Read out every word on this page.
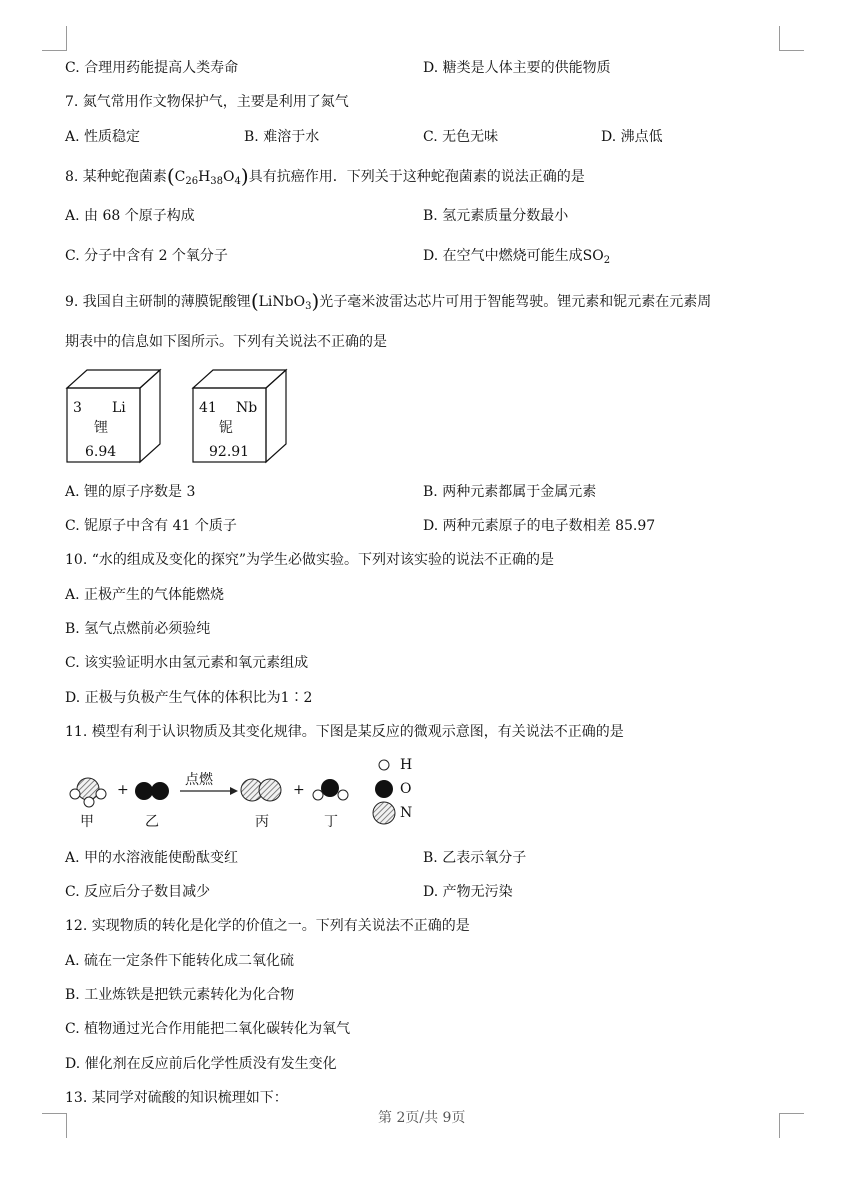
C. 合理用药能提高人类寿命	D. 糖类是人体主要的供能物质
7. 氮气常用作文物保护气，主要是利用了氮气
A. 性质稳定	B. 难溶于水	C. 无色无味	D. 沸点低
8. 某种蛇孢菌素$(C_{26}H_{38}O_4)$具有抗癌作用．下列关于这种蛇孢菌素的说法正确的是
A. 由 68 个原子构成	B. 氢元素质量分数最小
C. 分子中含有 2 个氧分子	D. 在空气中燃烧可能生成$SO_2$
9. 我国自主研制的薄膜铌酸锂(LiNbO$_3$)光子毫米波雷达芯片可用于智能驾驶。锂元素和铌元素在元素周
期表中的信息如下图所示。下列有关说法不正确的是
3 Li
锂
6.94
41 Nb
铌
92.91
A. 锂的原子序数是 3	B. 两种元素都属于金属元素
C. 铌原子中含有 41 个质子	D. 两种元素原子的电子数相差 85.97
10. “水的组成及变化的探究”为学生必做实验。下列对该实验的说法不正确的是
A. 正极产生的气体能燃烧
B. 氢气点燃前必须验纯
C. 该实验证明水由氢元素和氧元素组成
D. 正极与负极产生气体的体积比为1∶2
11. 模型有利于认识物质及其变化规律。下图是某反应的微观示意图，有关说法不正确的是
+	+
点燃
甲	乙	丙	丁
H
O
N
A. 甲的水溶液能使酚酞变红	B. 乙表示氧分子
C. 反应后分子数目减少	D. 产物无污染
12. 实现物质的转化是化学的价值之一。下列有关说法不正确的是
A. 硫在一定条件下能转化成二氧化硫
B. 工业炼铁是把铁元素转化为化合物
C. 植物通过光合作用能把二氧化碳转化为氧气
D. 催化剂在反应前后化学性质没有发生变化
13. 某同学对硫酸的知识梳理如下：
第 2页/共 9页
